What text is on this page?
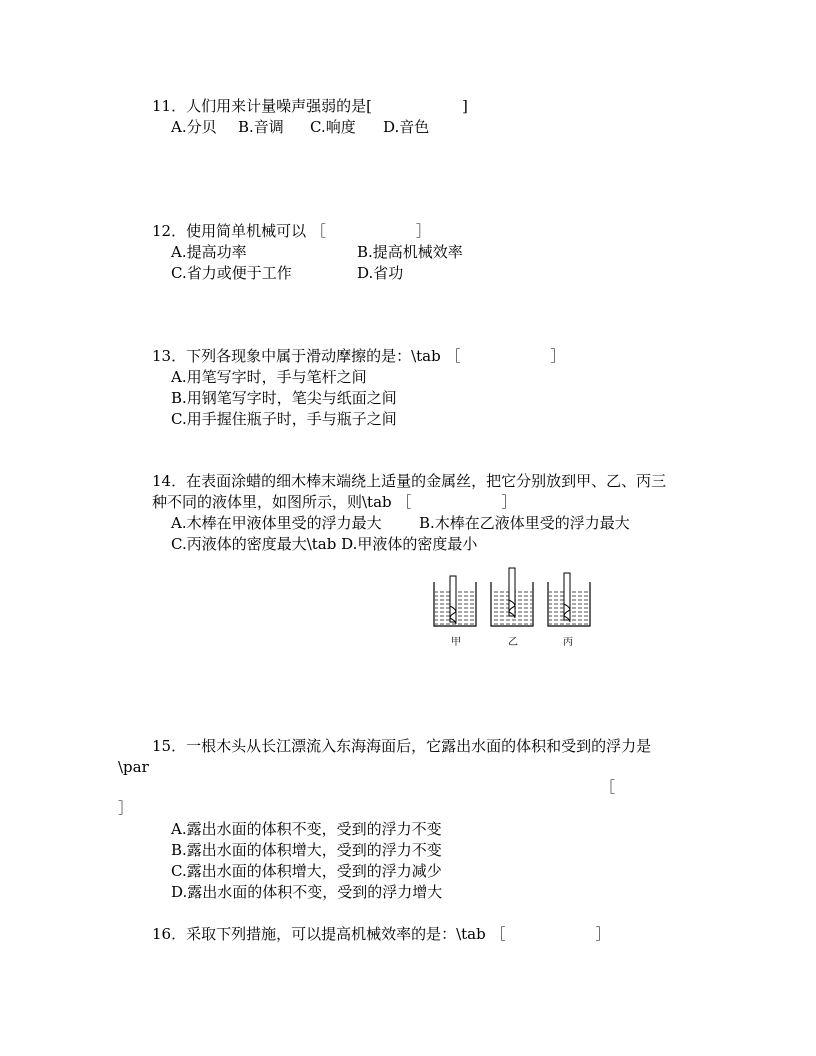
11．人们用来计量噪声强弱的是[　　　　　　]
A.分贝 B.音调 C.响度 D.音色
12．使用简单机械可以 ［　　　　　　］
A.提高功率	B.提高机械效率
C.省力或便于工作	D.省功
13．下列各现象中属于滑动摩擦的是：\tab ［　　　　　　］
A.用笔写字时，手与笔杆之间
B.用钢笔写字时，笔尖与纸面之间
C.用手握住瓶子时，手与瓶子之间
14．在表面涂蜡的细木棒末端绕上适量的金属丝，把它分别放到甲、乙、丙三
种不同的液体里，如图所示，则\tab ［　　　　　　］
A.木棒在甲液体里受的浮力最大 B.木棒在乙液体里受的浮力最大
C.丙液体的密度最大\tab D.甲液体的密度最小
甲	乙	丙
15．一根木头从长江漂流入东海海面后，它露出水面的体积和受到的浮力是
\par
［
］
A.露出水面的体积不变，受到的浮力不变
B.露出水面的体积增大，受到的浮力不变
C.露出水面的体积增大，受到的浮力减少
D.露出水面的体积不变，受到的浮力增大
16．采取下列措施，可以提高机械效率的是：\tab ［　　　　　　］
